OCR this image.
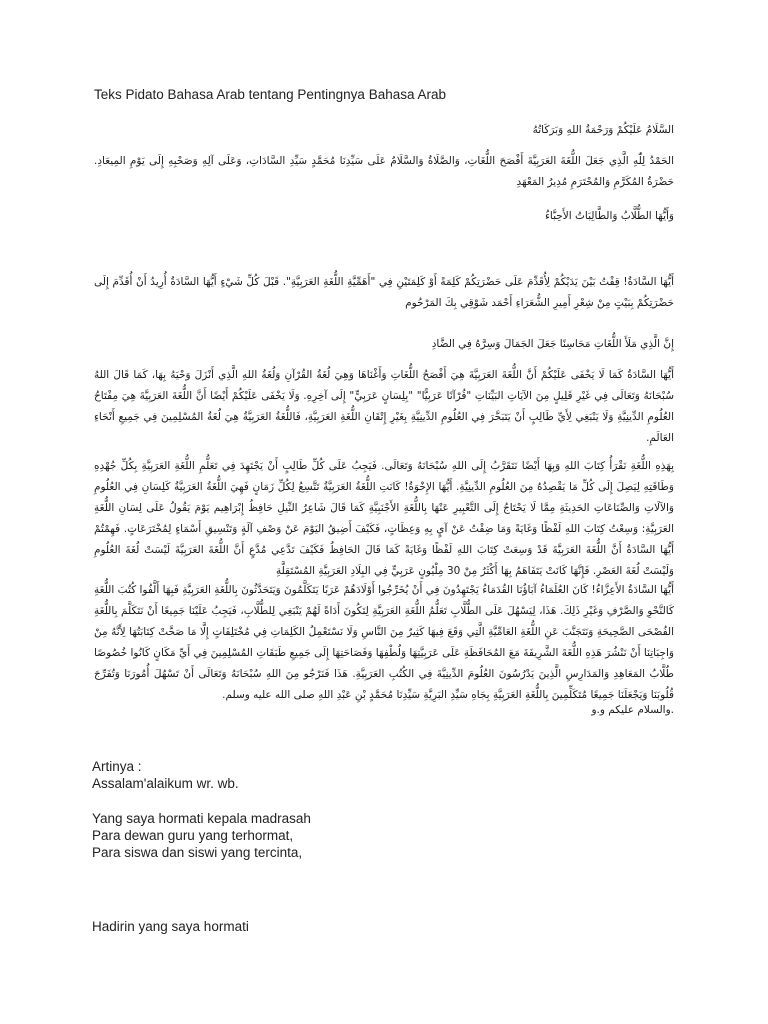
Teks Pidato Bahasa Arab tentang Pentingnya Bahasa Arab
السَّلَامُ عَلَيْكُمْ وَرَحْمَةُ اللهِ وَبَرَكَاتُهُ
الحَمْدُ لِلّٰهِ الَّذِي جَعَلَ اللُّغَةَ العَرَبِيَّةَ أَفْصَحَ اللُّغَاتِ، وَالصَّلَاةُ وَالسَّلَامُ عَلَى سَيِّدِنَا مُحَمَّدٍ سَيِّدِ السَّادَاتِ، وَعَلَى آلِهِ وَصَحْبِهِ إِلَى يَوْمِ المِيعَادِ. حَضْرَةُ المُكَرَّمِ وَالمُحْتَرَمِ مُدِيرُ المَعْهَدِ
وَأَيُّهَا الطُّلَّابُ وَالطَّالِبَاتُ الأَحِبَّاءُ
أَيُّهَا السَّادَةُ! قِفْتُ بَيْنَ يَدَيْكُمْ لِأُقَدِّمَ عَلَى حَضْرَتِكُمْ كَلِمَةً أَوْ كَلِمَتَيْنِ فِي "أَهَمِّيَّةِ اللُّغَةِ العَرَبِيَّةِ". قَبْلَ كُلِّ شَيْءٍ أَيُّهَا السَّادَةُ أُرِيدُ أَنْ أُقَدِّمَ إِلَى حَضْرَتِكُمْ بِبَيْتٍ مِنْ شِعْرِ أَمِيرِ الشُّعَرَاءِ أَحْمَد شَوْقِي بِكَ المَرْحُوم
إِنَّ الَّذِي مَلَأَ اللُّغَاتِ مَحَاسِنًا جَعَلَ الجَمَالَ وَسِرَّهُ فِي الضَّادِ
أَيُّهَا السَّادَةُ كَمَا لَا يَخْفَى عَلَيْكُمْ أَنَّ اللُّغَةَ العَرَبِيَّةَ هِيَ أَفْصَحُ اللُّغَاتِ وَأَغْنَاهَا وَهِيَ لُغَةُ القُرْآنِ وَلُغَةُ اللهِ الَّذِي أَنْزَلَ وَحْيَهُ بِهَا، كَمَا قَالَ اللهُ سُبْحَانَهُ وَتَعَالَى فِي غَيْرِ قَلِيلٍ مِنَ الآيَاتِ البَيِّنَاتِ "قُرْآنًا عَرَبِيًّا" "بِلِسَانٍ عَرَبِيٍّ" إِلَى آخِرِهِ. وَلَا يَخْفَى عَلَيْكُمْ أَيْضًا أَنَّ اللُّغَةَ العَرَبِيَّةَ هِيَ مِفْتَاحُ العُلُومِ الدِّينِيَّةِ وَلَا يَنْبَغِي لِأَيِّ طَالِبٍ أَنْ يَتَبَحَّرَ فِي العُلُومِ الدِّينِيَّةِ بِغَيْرِ إِتْقَانِ اللُّغَةِ العَرَبِيَّةِ، فَاللُّغَةُ العَرَبِيَّةُ هِيَ لُغَةُ المُسْلِمِينَ فِي جَمِيعِ أَنْحَاءِ العَالَمِ.
بِهَذِهِ اللُّغَةِ نَقْرَأُ كِتَابَ اللهِ وَبِهَا أَيْضًا نَتَقَرَّبُ إِلَى اللهِ سُبْحَانَهُ وَتَعَالَى. فَيَجِبُ عَلَى كُلِّ طَالِبٍ أَنْ يَجْتَهِدَ فِي تَعَلُّمِ اللُّغَةِ العَرَبِيَّةِ بِكُلِّ جُهْدِهِ وَطَاقَتِهِ لِيَصِلَ إِلَى كُلِّ مَا يَقْصِدُهُ مِنَ العُلُومِ الدِّينِيَّةِ. أَيُّهَا الإِخْوَةُ! كَانَتِ اللُّغَةُ العَرَبِيَّةُ تَتَّسِعُ لِكُلِّ زَمَانٍ فَهِيَ اللُّغَةُ العَرَبِيَّةُ كَلِسَانِ فِي العُلُومِ وَالآلَاتِ وَالصِّنَاعَاتِ الحَدِيثَةِ مِمَّا لَا يَحْتَاجُ إِلَى التَّعْبِيرِ عَنْهَا بِاللُّغَةِ الأَجْنَبِيَّةِ كَمَا قَالَ شَاعِرُ النِّيلِ حَافِظُ إِبْرَاهِيم يَوْمَ يَقُولُ عَلَى لِسَانِ اللُّغَةِ العَرَبِيَّةِ: وَسِعْتُ كِتَابَ اللهِ لَفْظًا وَغَايَةً وَمَا ضِقْتُ عَنْ آيٍ بِهِ وَعِظَاتٍ، فَكَيْفَ أَضِيقُ اليَوْمَ عَنْ وَصْفِ آلَةٍ وَتَنْسِيقِ أَسْمَاءٍ لِمُخْتَرَعَاتٍ. فَهِمْتُمْ أَيُّهَا السَّادَةُ أَنَّ اللُّغَةَ العَرَبِيَّةَ قَدْ وَسِعَتْ كِتَابَ اللهِ لَفْظًا وَغَايَةً كَمَا قَالَ الحَافِظُ فَكَيْفَ تَدَّعِي مُدَّعٍ أَنَّ اللُّغَةَ العَرَبِيَّةَ لَيْسَتْ لُغَةَ العُلُومِ وَلَيْسَتْ لُغَةَ العَصْرِ. فَإِنَّهَا كَانَتْ يَتَفَاهَمُ بِهَا أَكْثَرُ مِنْ 30 مِلْيُونٍ عَرَبِيٍّ فِي البِلَادِ العَرَبِيَّةِ المُسْتَقِلَّةِ
أَيُّهَا السَّادَةُ الأَعِزَّاءُ! كَانَ العُلَمَاءُ آبَاؤُنَا القُدَمَاءُ يَجْتَهِدُونَ فِي أَنْ يُخَرِّجُوا أَوْلَادَهُمْ عَرَبًا يَتَكَلَّمُونَ وَيَتَحَدَّثُونَ بِاللُّغَةِ العَرَبِيَّةِ فَبِهَا أَلَّفُوا كُتُبَ اللُّغَةِ كَالنَّحْوِ وَالصَّرْفِ وَغَيْرِ ذَلِكَ. هَذَا، لِيَسْهُلَ عَلَى الطُّلَّابِ تَعَلُّمُ اللُّغَةِ العَرَبِيَّةِ لِتَكُونَ أَدَاةً لَهُمْ يَنْبَغِي لِلطُّلَّابِ، فَيَجِبُ عَلَيْنَا جَمِيعًا أَنْ نَتَكَلَّمَ بِاللُّغَةِ الفُصْحَى الصَّحِيحَةِ وَنَتَجَنَّبَ عَنِ اللُّغَةِ العَامِّيَّةِ الَّتِي وَقَعَ فِيهَا كَثِيرٌ مِنَ النَّاسِ وَلَا نَسْتَعْمِلُ الكَلِمَاتِ فِي مُخْتَلِفَاتٍ إِلَّا مَا صَحَّتْ كِتَابَتُهَا لِأَنَّهُ مِنْ وَاجِبَاتِنَا أَنْ نَنْشُرَ هَذِهِ اللُّغَةَ الشَّرِيفَةَ مَعَ المُحَافَظَةِ عَلَى عَرَبِيَّتِهَا وَلُطْفِهَا وَفَصَاحَتِهَا إِلَى جَمِيعِ طَبَقَاتِ المُسْلِمِينَ فِي أَيِّ مَكَانٍ كَانُوا خُصُوصًا طُلَّابُ المَعَاهِدِ وَالمَدَارِسِ الَّذِينَ يَدْرُسُونَ العُلُومَ الدِّينِيَّةَ فِي الكُتُبِ العَرَبِيَّةِ. هَذَا فَنَرْجُو مِنَ اللهِ سُبْحَانَهُ وَتَعَالَى أَنْ تَسْهُلَ أُمُورَنَا وَتُفَرِّجَ قُلُوبَنَا وَيَجْعَلَنَا جَمِيعًا مُتَكَلِّمِينَ بِاللُّغَةِ العَرَبِيَّةِ بِجَاهِ سَيِّدِ البَرِيَّةِ سَيِّدِنَا مُحَمَّدٍ بْنِ عَبْدِ اللهِ صلى الله عليه وسلم.
.والسلام عليكم و.و
Artinya :
Assalam'alaikum wr. wb.
Yang saya hormati kepala madrasah
Para dewan guru yang terhormat,
Para siswa dan siswi yang tercinta,
Hadirin yang saya hormati
